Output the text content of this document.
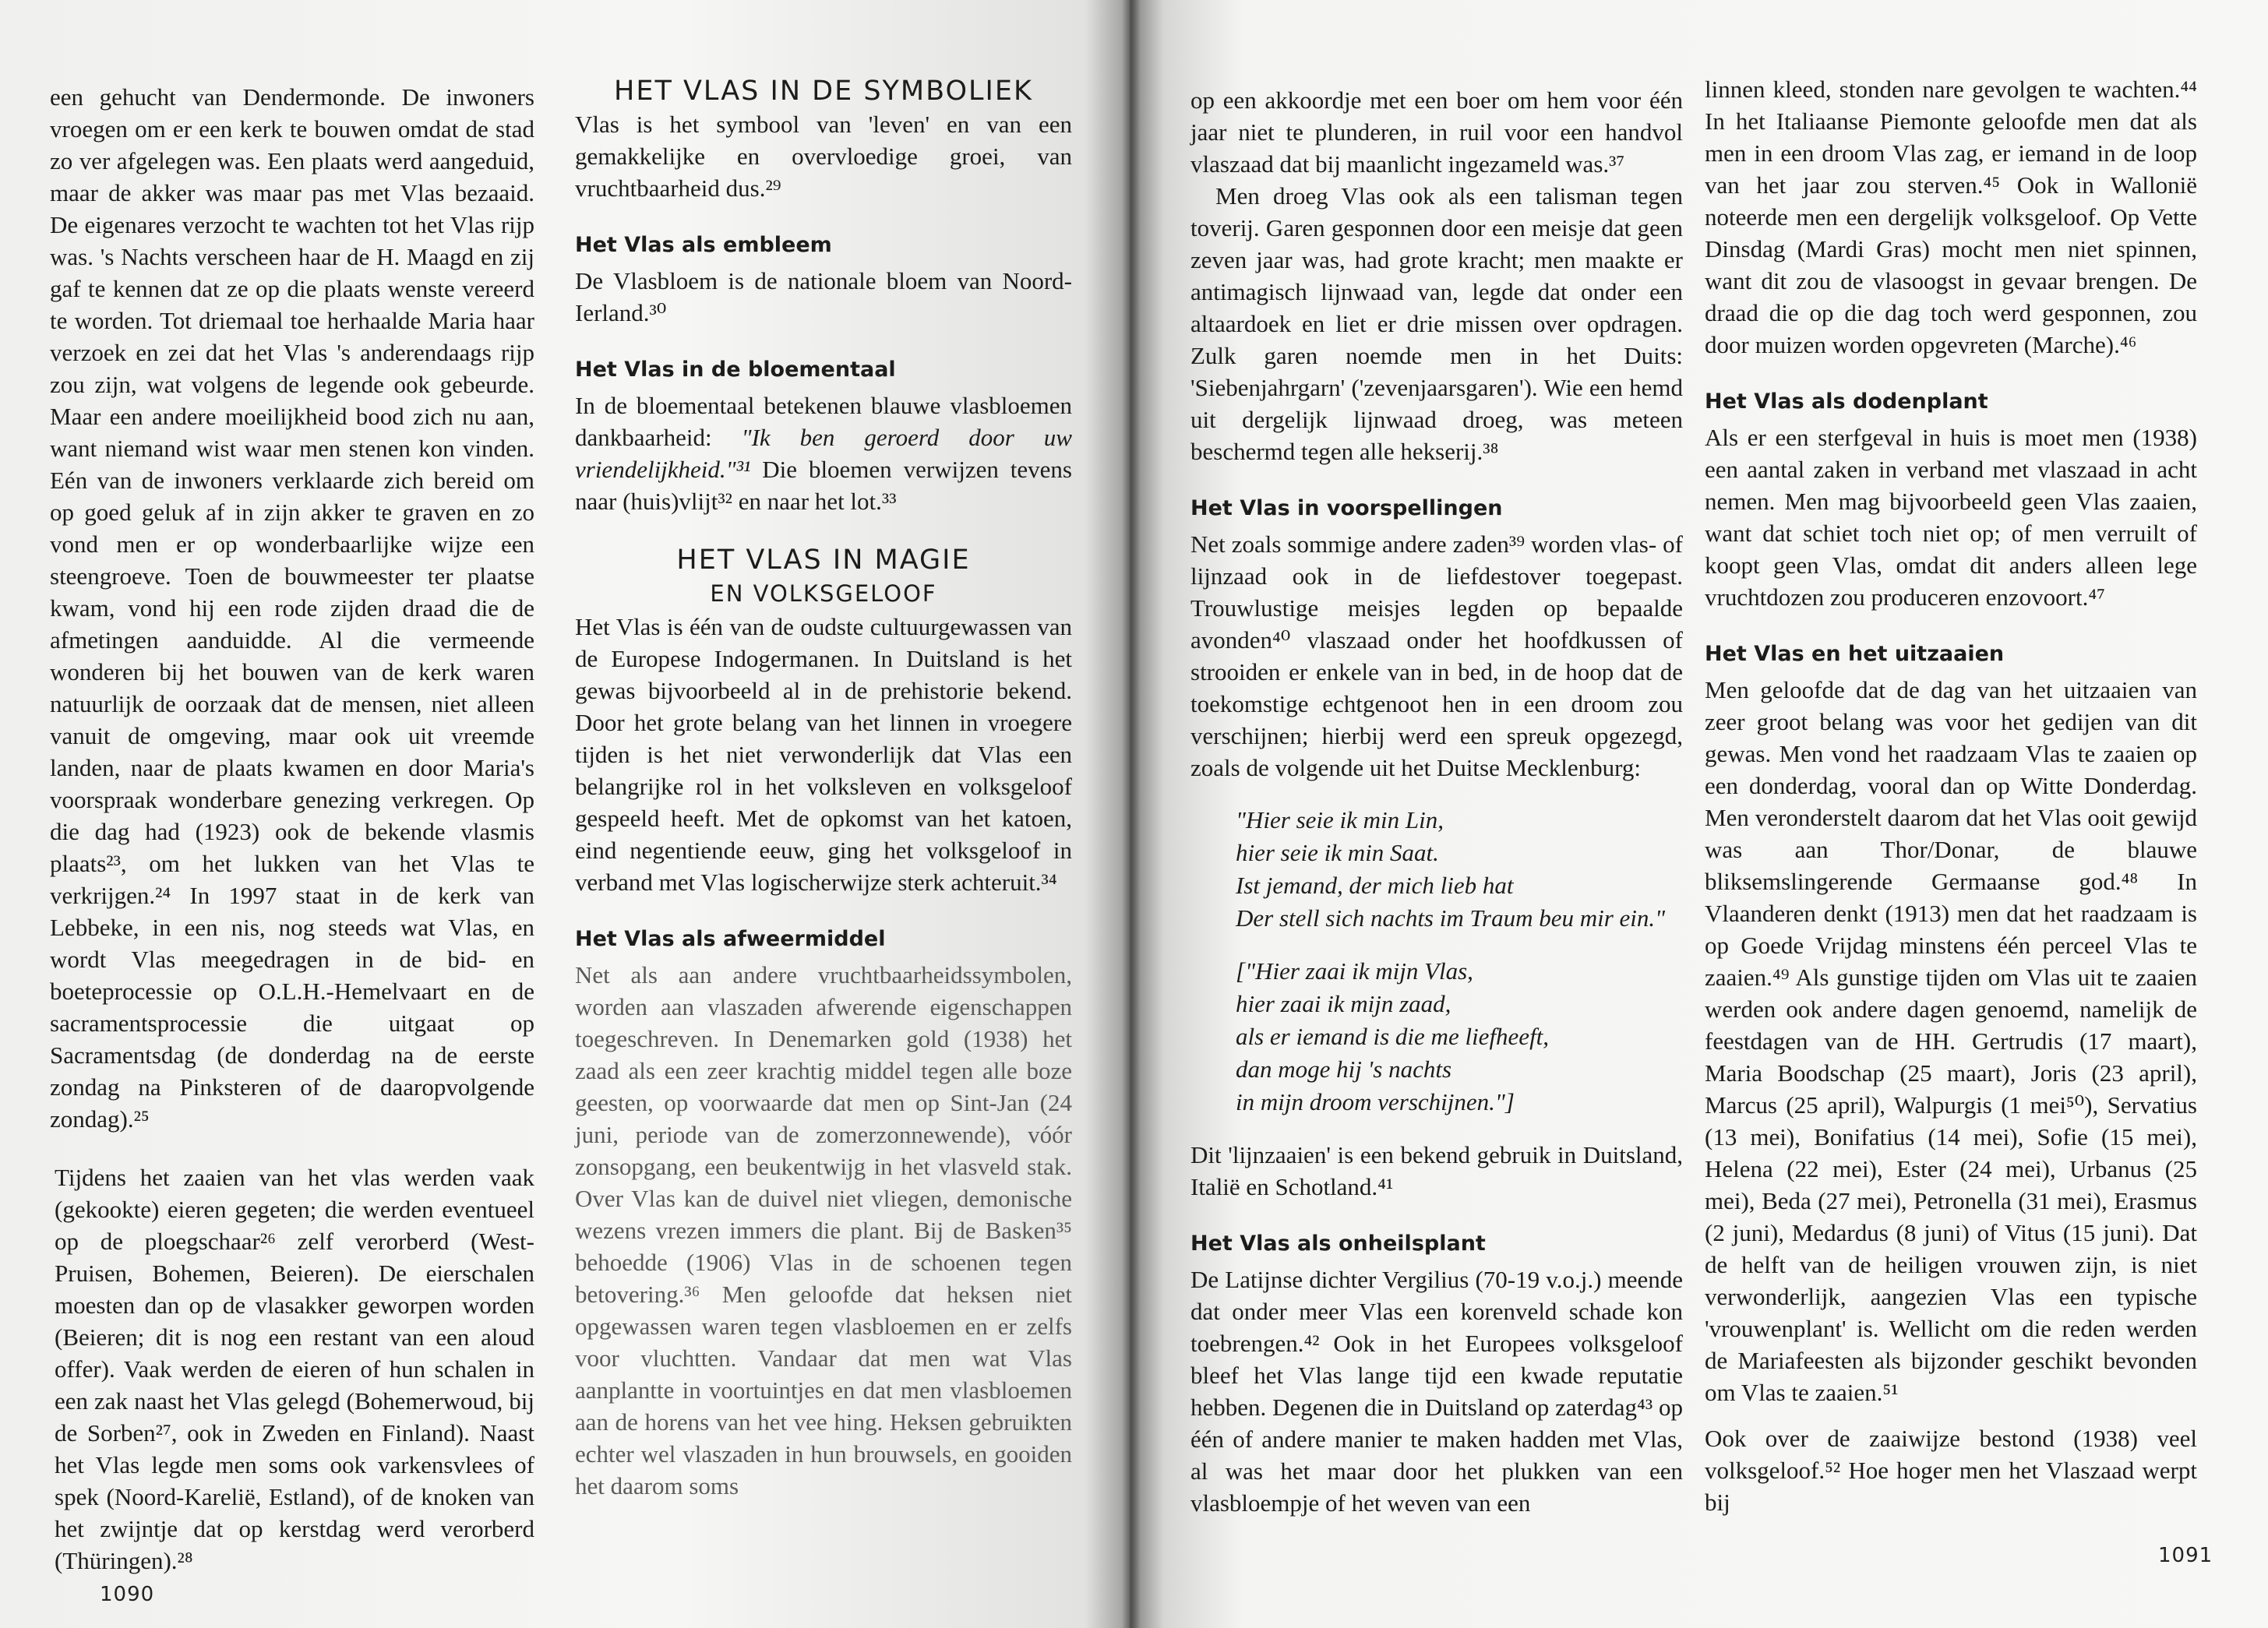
een gehucht van Dendermonde. De inwoners vroegen om er een kerk te bouwen omdat de stad zo ver afgelegen was. Een plaats werd aangeduid, maar de akker was maar pas met Vlas bezaaid. De eigenares verzocht te wachten tot het Vlas rijp was. 's Nachts verscheen haar de H. Maagd en zij gaf te kennen dat ze op die plaats wenste vereerd te worden. Tot driemaal toe herhaalde Maria haar verzoek en zei dat het Vlas 's anderendaags rijp zou zijn, wat volgens de legende ook gebeurde. Maar een andere moeilijkheid bood zich nu aan, want niemand wist waar men stenen kon vinden. Eén van de inwoners verklaarde zich bereid om op goed geluk af in zijn akker te graven en zo vond men er op wonderbaarlijke wijze een steengroeve. Toen de bouwmeester ter plaatse kwam, vond hij een rode zijden draad die de afmetingen aanduidde. Al die vermeende wonderen bij het bouwen van de kerk waren natuurlijk de oorzaak dat de mensen, niet alleen vanuit de omgeving, maar ook uit vreemde landen, naar de plaats kwamen en door Maria's voorspraak wonderbare genezing verkregen. Op die dag had (1923) ook de bekende vlasmis plaats²³, om het lukken van het Vlas te verkrijgen.²⁴ In 1997 staat in de kerk van Lebbeke, in een nis, nog steeds wat Vlas, en wordt Vlas meegedragen in de bid- en boeteprocessie op O.L.H.-Hemelvaart en de sacramentsprocessie die uitgaat op Sacramentsdag (de donderdag na de eerste zondag na Pinksteren of de daaropvolgende zondag).²⁵

Tijdens het zaaien van het vlas werden vaak (gekookte) eieren gegeten; die werden eventueel op de ploegschaar²⁶ zelf verorberd (West-Pruisen, Bohemen, Beieren). De eierschalen moesten dan op de vlasakker geworpen worden (Beieren; dit is nog een restant van een aloud offer). Vaak werden de eieren of hun schalen in een zak naast het Vlas gelegd (Bohemerwoud, bij de Sorben²⁷, ook in Zweden en Finland). Naast het Vlas legde men soms ook varkensvlees of spek (Noord-Karelië, Estland), of de knoken van het zwijntje dat op kerstdag werd verorberd (Thüringen).²⁸

HET VLAS IN DE SYMBOLIEK

Vlas is het symbool van 'leven' en van een gemakkelijke en overvloedige groei, van vruchtbaarheid dus.²⁹

Het Vlas als embleem

De Vlasbloem is de nationale bloem van Noord-Ierland.³⁰

Het Vlas in de bloementaal

In de bloementaal betekenen blauwe vlasbloemen dankbaarheid: "Ik ben geroerd door uw vriendelijkheid."³¹ Die bloemen verwijzen tevens naar (huis)vlijt³² en naar het lot.³³

HET VLAS IN MAGIE
EN VOLKSGELOOF

Het Vlas is één van de oudste cultuurgewassen van de Europese Indogermanen. In Duitsland is het gewas bijvoorbeeld al in de prehistorie bekend. Door het grote belang van het linnen in vroegere tijden is het niet verwonderlijk dat Vlas een belangrijke rol in het volksleven en volksgeloof gespeeld heeft. Met de opkomst van het katoen, eind negentiende eeuw, ging het volksgeloof in verband met Vlas logischerwijze sterk achteruit.³⁴

Het Vlas als afweermiddel

Net als aan andere vruchtbaarheidssymbolen, worden aan vlaszaden afwerende eigenschappen toegeschreven. In Denemarken gold (1938) het zaad als een zeer krachtig middel tegen alle boze geesten, op voorwaarde dat men op Sint-Jan (24 juni, periode van de zomerzonnewende), vóór zonsopgang, een beukentwijg in het vlasveld stak. Over Vlas kan de duivel niet vliegen, demonische wezens vrezen immers die plant. Bij de Basken³⁵ behoedde (1906) Vlas in de schoenen tegen betovering.³⁶ Men geloofde dat heksen niet opgewassen waren tegen vlasbloemen en er zelfs voor vluchtten. Vandaar dat men wat Vlas aanplantte in voortuintjes en dat men vlasbloemen aan de horens van het vee hing. Heksen gebruikten echter wel vlaszaden in hun brouwsels, en gooiden het daarom soms

1090

op een akkoordje met een boer om hem voor één jaar niet te plunderen, in ruil voor een handvol vlaszaad dat bij maanlicht ingezameld was.³⁷

Men droeg Vlas ook als een talisman tegen toverij. Garen gesponnen door een meisje dat geen zeven jaar was, had grote kracht; men maakte er antimagisch lijnwaad van, legde dat onder een altaardoek en liet er drie missen over opdragen. Zulk garen noemde men in het Duits: 'Siebenjahrgarn' ('zevenjaarsgaren'). Wie een hemd uit dergelijk lijnwaad droeg, was meteen beschermd tegen alle hekserij.³⁸

Het Vlas in voorspellingen

Net zoals sommige andere zaden³⁹ worden vlas- of lijnzaad ook in de liefdestover toegepast. Trouwlustige meisjes legden op bepaalde avonden⁴⁰ vlaszaad onder het hoofdkussen of strooiden er enkele van in bed, in de hoop dat de toekomstige echtgenoot hen in een droom zou verschijnen; hierbij werd een spreuk opgezegd, zoals de volgende uit het Duitse Mecklenburg:

"Hier seie ik min Lin,
hier seie ik min Saat.
Ist jemand, der mich lieb hat
Der stell sich nachts im Traum beu mir ein."
["Hier zaai ik mijn Vlas,
hier zaai ik mijn zaad,
als er iemand is die me liefheeft,
dan moge hij 's nachts
in mijn droom verschijnen."]

Dit 'lijnzaaien' is een bekend gebruik in Duitsland, Italië en Schotland.⁴¹

Het Vlas als onheilsplant

De Latijnse dichter Vergilius (70-19 v.o.j.) meende dat onder meer Vlas een korenveld schade kon toebrengen.⁴² Ook in het Europees volksgeloof bleef het Vlas lange tijd een kwade reputatie hebben. Degenen die in Duitsland op zaterdag⁴³ op één of andere manier te maken hadden met Vlas, al was het maar door het plukken van een vlasbloempje of het weven van een

linnen kleed, stonden nare gevolgen te wachten.⁴⁴ In het Italiaanse Piemonte geloofde men dat als men in een droom Vlas zag, er iemand in de loop van het jaar zou sterven.⁴⁵ Ook in Wallonië noteerde men een dergelijk volksgeloof. Op Vette Dinsdag (Mardi Gras) mocht men niet spinnen, want dit zou de vlasoogst in gevaar brengen. De draad die op die dag toch werd gesponnen, zou door muizen worden opgevreten (Marche).⁴⁶

Het Vlas als dodenplant

Als er een sterfgeval in huis is moet men (1938) een aantal zaken in verband met vlaszaad in acht nemen. Men mag bijvoorbeeld geen Vlas zaaien, want dat schiet toch niet op; of men verruilt of koopt geen Vlas, omdat dit anders alleen lege vruchtdozen zou produceren enzovoort.⁴⁷

Het Vlas en het uitzaaien

Men geloofde dat de dag van het uitzaaien van zeer groot belang was voor het gedijen van dit gewas. Men vond het raadzaam Vlas te zaaien op een donderdag, vooral dan op Witte Donderdag. Men veronderstelt daarom dat het Vlas ooit gewijd was aan Thor/Donar, de blauwe bliksemslingerende Germaanse god.⁴⁸ In Vlaanderen denkt (1913) men dat het raadzaam is op Goede Vrijdag minstens één perceel Vlas te zaaien.⁴⁹ Als gunstige tijden om Vlas uit te zaaien werden ook andere dagen genoemd, namelijk de feestdagen van de HH. Gertrudis (17 maart), Maria Boodschap (25 maart), Joris (23 april), Marcus (25 april), Walpurgis (1 mei⁵⁰), Servatius (13 mei), Bonifatius (14 mei), Sofie (15 mei), Helena (22 mei), Ester (24 mei), Urbanus (25 mei), Beda (27 mei), Petronella (31 mei), Erasmus (2 juni), Medardus (8 juni) of Vitus (15 juni). Dat de helft van de heiligen vrouwen zijn, is niet verwonderlijk, aangezien Vlas een typische 'vrouwenplant' is. Wellicht om die reden werden de Mariafeesten als bijzonder geschikt bevonden om Vlas te zaaien.⁵¹

Ook over de zaaiwijze bestond (1938) veel volksgeloof.⁵² Hoe hoger men het Vlaszaad werpt bij

1091
